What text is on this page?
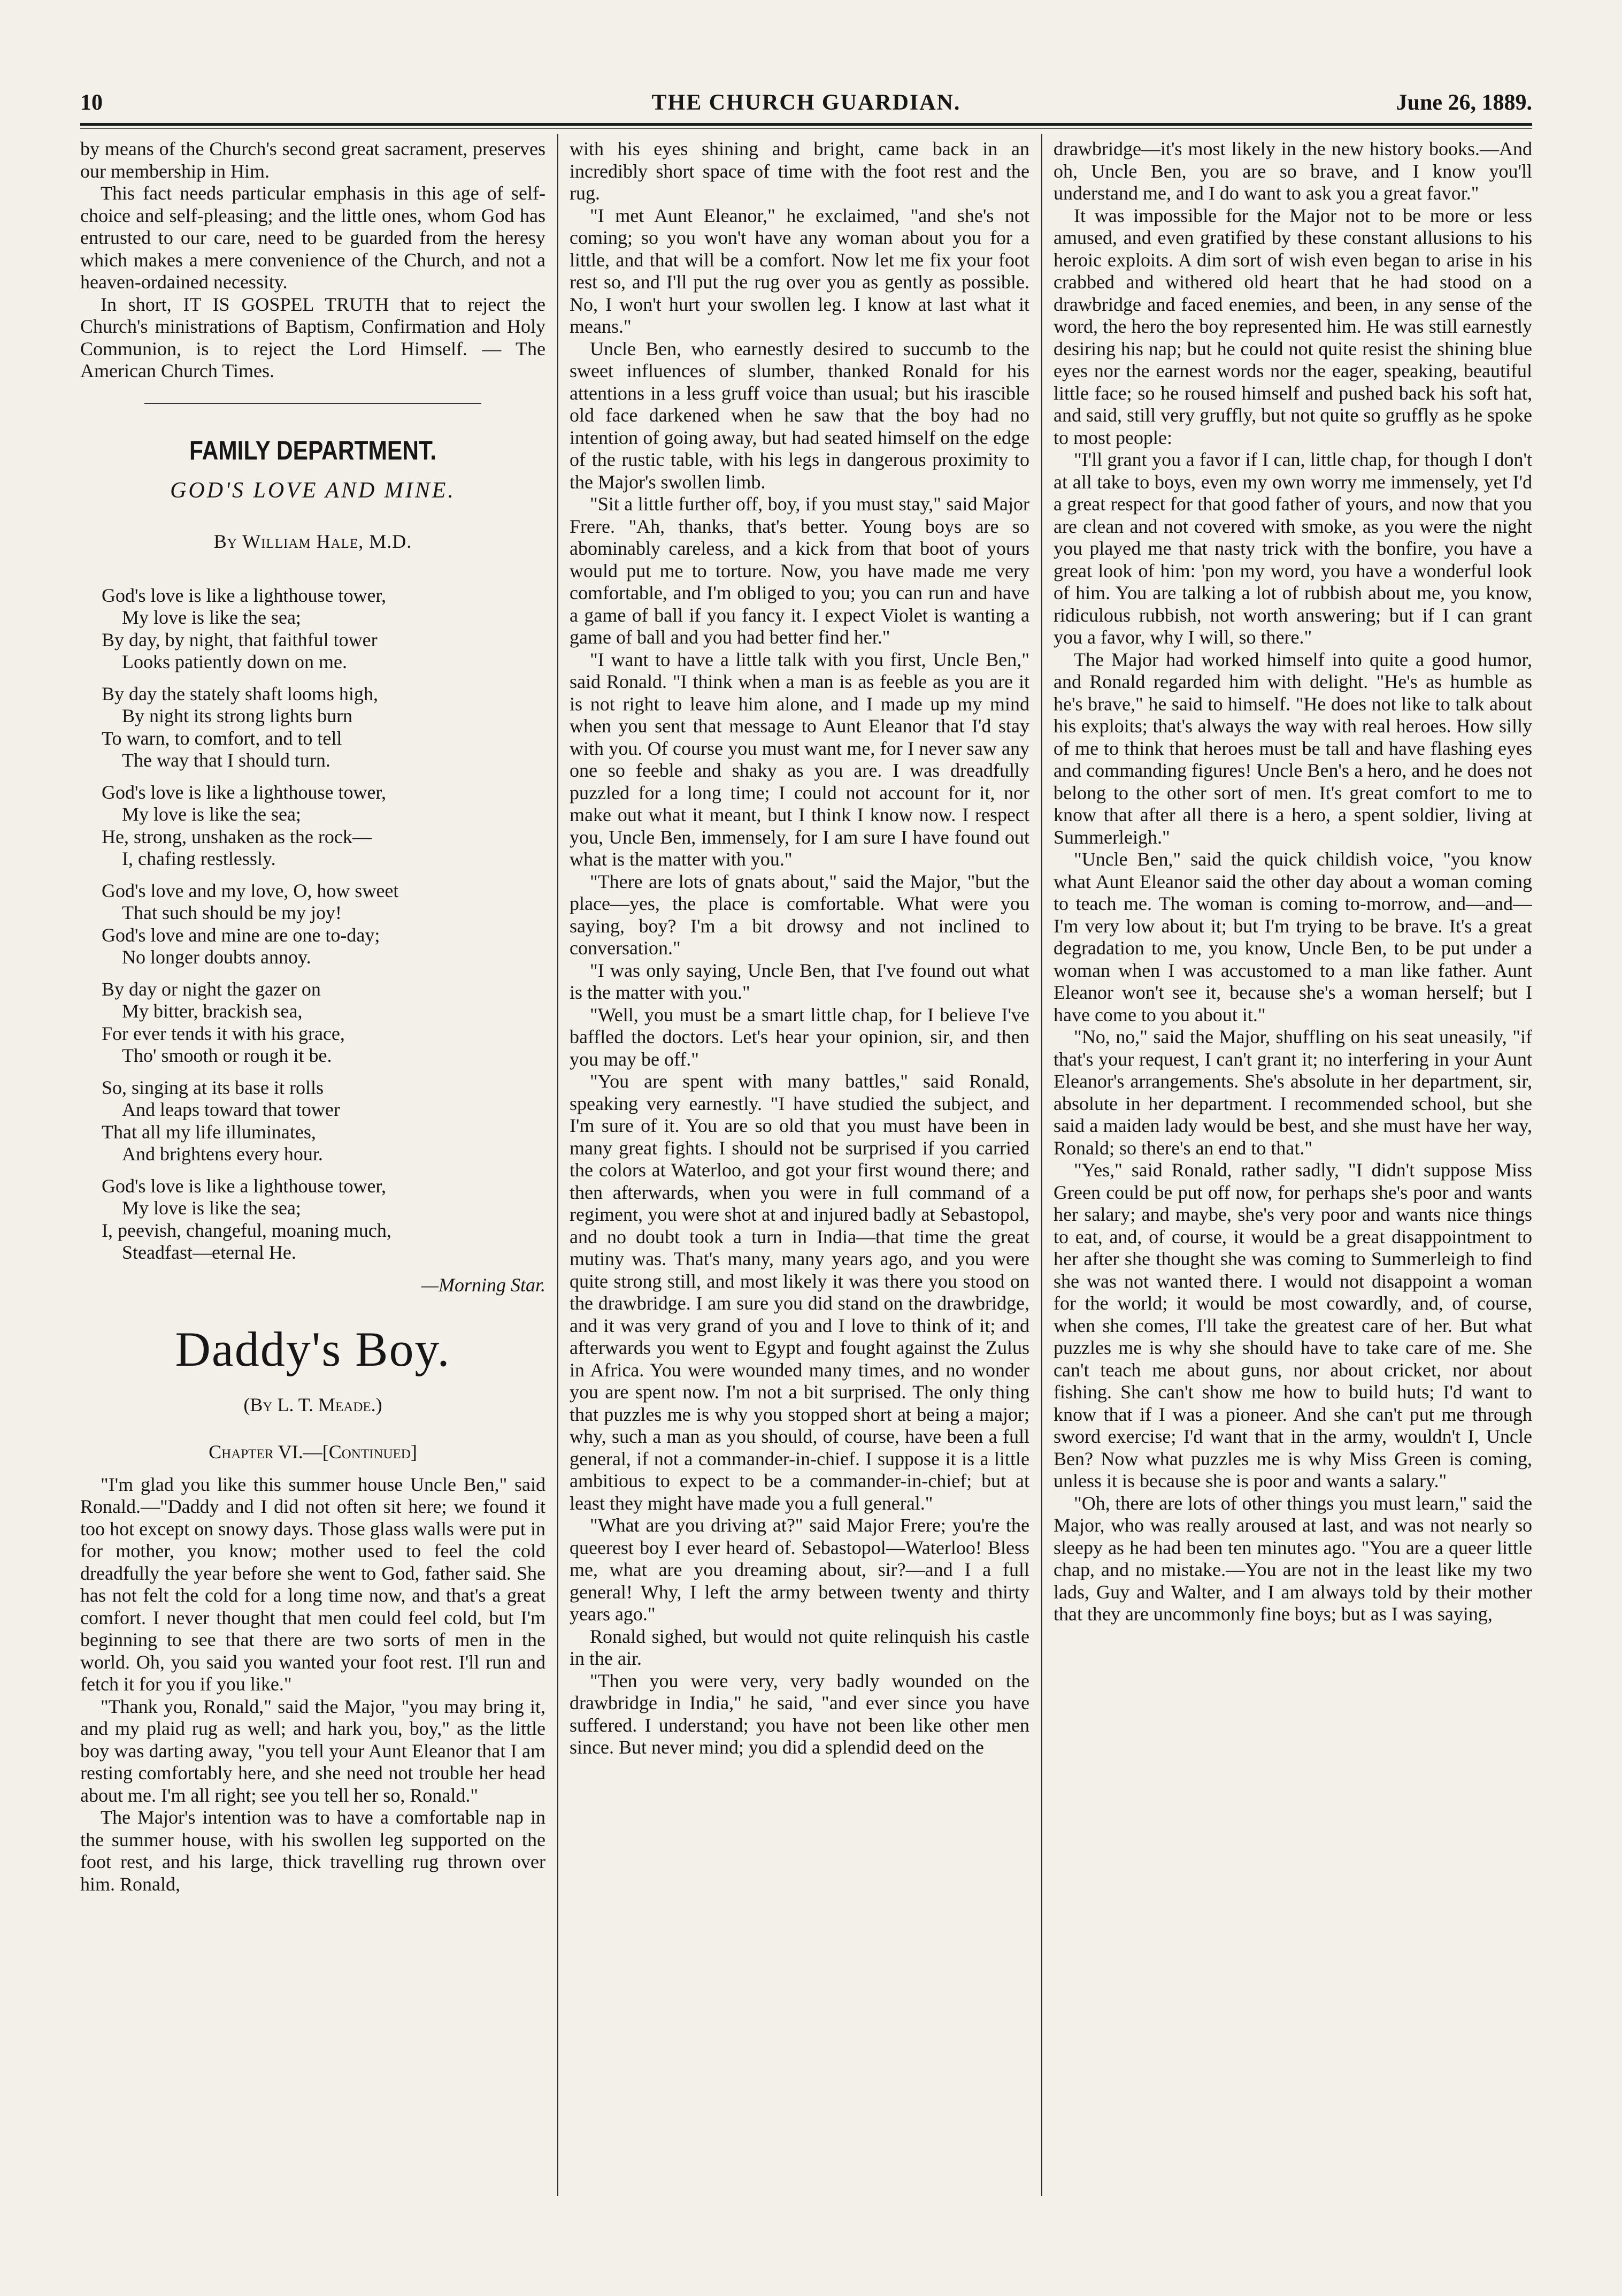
10	THE CHURCH GUARDIAN.	June 26, 1889.

by means of the Church's second great sacrament, preserves our membership in Him.

This fact needs particular emphasis in this age of self-choice and self-pleasing; and the little ones, whom God has entrusted to our care, need to be guarded from the heresy which makes a mere convenience of the Church, and not a heaven-ordained necessity.

In short, IT IS GOSPEL TRUTH that to reject the Church's ministrations of Baptism, Confirmation and Holy Communion, is to reject the Lord Himself. — The American Church Times.

FAMILY DEPARTMENT.
GOD'S LOVE AND MINE.
By William Hale, M.D.
God's love is like a lighthouse tower,
My love is like the sea;
By day, by night, that faithful tower
Looks patiently down on me.
By day the stately shaft looms high,
By night its strong lights burn
To warn, to comfort, and to tell
The way that I should turn.
God's love is like a lighthouse tower,
My love is like the sea;
He, strong, unshaken as the rock—
I, chafing restlessly.
God's love and my love, O, how sweet
That such should be my joy!
God's love and mine are one to-day;
No longer doubts annoy.
By day or night the gazer on
My bitter, brackish sea,
For ever tends it with his grace,
Tho' smooth or rough it be.
So, singing at its base it rolls
And leaps toward that tower
That all my life illuminates,
And brightens every hour.
God's love is like a lighthouse tower,
My love is like the sea;
I, peevish, changeful, moaning much,
Steadfast—eternal He.
—Morning Star.
Daddy's Boy.
(By L. T. Meade.)
Chapter VI.—[Continued]

"I'm glad you like this summer house Uncle Ben," said Ronald.—"Daddy and I did not often sit here; we found it too hot except on snowy days. Those glass walls were put in for mother, you know; mother used to feel the cold dreadfully the year before she went to God, father said. She has not felt the cold for a long time now, and that's a great comfort. I never thought that men could feel cold, but I'm beginning to see that there are two sorts of men in the world. Oh, you said you wanted your foot rest. I'll run and fetch it for you if you like."

"Thank you, Ronald," said the Major, "you may bring it, and my plaid rug as well; and hark you, boy," as the little boy was darting away, "you tell your Aunt Eleanor that I am resting comfortably here, and she need not trouble her head about me. I'm all right; see you tell her so, Ronald."

The Major's intention was to have a comfortable nap in the summer house, with his swollen leg supported on the foot rest, and his large, thick travelling rug thrown over him. Ronald,

with his eyes shining and bright, came back in an incredibly short space of time with the foot rest and the rug.

"I met Aunt Eleanor," he exclaimed, "and she's not coming; so you won't have any woman about you for a little, and that will be a comfort. Now let me fix your foot rest so, and I'll put the rug over you as gently as possible. No, I won't hurt your swollen leg. I know at last what it means."

Uncle Ben, who earnestly desired to succumb to the sweet influences of slumber, thanked Ronald for his attentions in a less gruff voice than usual; but his irascible old face darkened when he saw that the boy had no intention of going away, but had seated himself on the edge of the rustic table, with his legs in dangerous proximity to the Major's swollen limb.

"Sit a little further off, boy, if you must stay," said Major Frere. "Ah, thanks, that's better. Young boys are so abominably careless, and a kick from that boot of yours would put me to torture. Now, you have made me very comfortable, and I'm obliged to you; you can run and have a game of ball if you fancy it. I expect Violet is wanting a game of ball and you had better find her."

"I want to have a little talk with you first, Uncle Ben," said Ronald. "I think when a man is as feeble as you are it is not right to leave him alone, and I made up my mind when you sent that message to Aunt Eleanor that I'd stay with you. Of course you must want me, for I never saw any one so feeble and shaky as you are. I was dreadfully puzzled for a long time; I could not account for it, nor make out what it meant, but I think I know now. I respect you, Uncle Ben, immensely, for I am sure I have found out what is the matter with you."

"There are lots of gnats about," said the Major, "but the place—yes, the place is comfortable. What were you saying, boy? I'm a bit drowsy and not inclined to conversation."

"I was only saying, Uncle Ben, that I've found out what is the matter with you."

"Well, you must be a smart little chap, for I believe I've baffled the doctors. Let's hear your opinion, sir, and then you may be off."

"You are spent with many battles," said Ronald, speaking very earnestly. "I have studied the subject, and I'm sure of it. You are so old that you must have been in many great fights. I should not be surprised if you carried the colors at Waterloo, and got your first wound there; and then afterwards, when you were in full command of a regiment, you were shot at and injured badly at Sebastopol, and no doubt took a turn in India—that time the great mutiny was. That's many, many years ago, and you were quite strong still, and most likely it was there you stood on the drawbridge. I am sure you did stand on the drawbridge, and it was very grand of you and I love to think of it; and afterwards you went to Egypt and fought against the Zulus in Africa. You were wounded many times, and no wonder you are spent now. I'm not a bit surprised. The only thing that puzzles me is why you stopped short at being a major; why, such a man as you should, of course, have been a full general, if not a commander-in-chief. I suppose it is a little ambitious to expect to be a commander-in-chief; but at least they might have made you a full general."

"What are you driving at?" said Major Frere; you're the queerest boy I ever heard of. Sebastopol—Waterloo! Bless me, what are you dreaming about, sir?—and I a full general! Why, I left the army between twenty and thirty years ago."

Ronald sighed, but would not quite relinquish his castle in the air.

"Then you were very, very badly wounded on the drawbridge in India," he said, "and ever since you have suffered. I understand; you have not been like other men since. But never mind; you did a splendid deed on the

drawbridge—it's most likely in the new history books.—And oh, Uncle Ben, you are so brave, and I know you'll understand me, and I do want to ask you a great favor."

It was impossible for the Major not to be more or less amused, and even gratified by these constant allusions to his heroic exploits. A dim sort of wish even began to arise in his crabbed and withered old heart that he had stood on a drawbridge and faced enemies, and been, in any sense of the word, the hero the boy represented him. He was still earnestly desiring his nap; but he could not quite resist the shining blue eyes nor the earnest words nor the eager, speaking, beautiful little face; so he roused himself and pushed back his soft hat, and said, still very gruffly, but not quite so gruffly as he spoke to most people:

"I'll grant you a favor if I can, little chap, for though I don't at all take to boys, even my own worry me immensely, yet I'd a great respect for that good father of yours, and now that you are clean and not covered with smoke, as you were the night you played me that nasty trick with the bonfire, you have a great look of him: 'pon my word, you have a wonderful look of him. You are talking a lot of rubbish about me, you know, ridiculous rubbish, not worth answering; but if I can grant you a favor, why I will, so there."

The Major had worked himself into quite a good humor, and Ronald regarded him with delight. "He's as humble as he's brave," he said to himself. "He does not like to talk about his exploits; that's always the way with real heroes. How silly of me to think that heroes must be tall and have flashing eyes and commanding figures! Uncle Ben's a hero, and he does not belong to the other sort of men. It's great comfort to me to know that after all there is a hero, a spent soldier, living at Summerleigh."

"Uncle Ben," said the quick childish voice, "you know what Aunt Eleanor said the other day about a woman coming to teach me. The woman is coming to-morrow, and—and—I'm very low about it; but I'm trying to be brave. It's a great degradation to me, you know, Uncle Ben, to be put under a woman when I was accustomed to a man like father. Aunt Eleanor won't see it, because she's a woman herself; but I have come to you about it."

"No, no," said the Major, shuffling on his seat uneasily, "if that's your request, I can't grant it; no interfering in your Aunt Eleanor's arrangements. She's absolute in her department, sir, absolute in her department. I recommended school, but she said a maiden lady would be best, and she must have her way, Ronald; so there's an end to that."

"Yes," said Ronald, rather sadly, "I didn't suppose Miss Green could be put off now, for perhaps she's poor and wants her salary; and maybe, she's very poor and wants nice things to eat, and, of course, it would be a great disappointment to her after she thought she was coming to Summerleigh to find she was not wanted there. I would not disappoint a woman for the world; it would be most cowardly, and, of course, when she comes, I'll take the greatest care of her. But what puzzles me is why she should have to take care of me. She can't teach me about guns, nor about cricket, nor about fishing. She can't show me how to build huts; I'd want to know that if I was a pioneer. And she can't put me through sword exercise; I'd want that in the army, wouldn't I, Uncle Ben? Now what puzzles me is why Miss Green is coming, unless it is because she is poor and wants a salary."

"Oh, there are lots of other things you must learn," said the Major, who was really aroused at last, and was not nearly so sleepy as he had been ten minutes ago. "You are a queer little chap, and no mistake.—You are not in the least like my two lads, Guy and Walter, and I am always told by their mother that they are uncommonly fine boys; but as I was saying,
